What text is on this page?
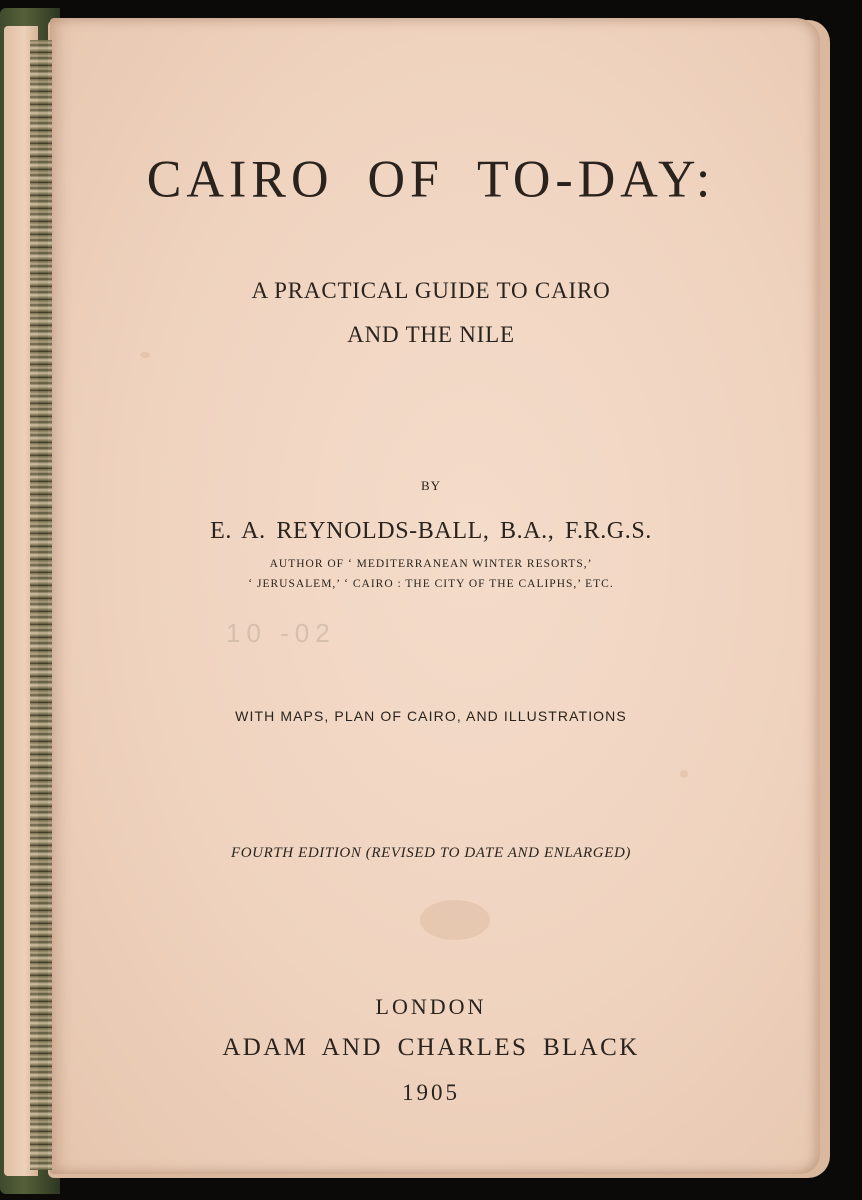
CAIRO OF TO-DAY:
A PRACTICAL GUIDE TO CAIRO
AND THE NILE
BY
E. A. REYNOLDS-BALL, B.A., F.R.G.S.
AUTHOR OF ‘ MEDITERRANEAN WINTER RESORTS,’
‘ JERUSALEM,’ ‘ CAIRO : THE CITY OF THE CALIPHS,’ ETC.
10 -02
WITH MAPS, PLAN OF CAIRO, AND ILLUSTRATIONS
FOURTH EDITION (REVISED TO DATE AND ENLARGED)
LONDON
ADAM AND CHARLES BLACK
1905
